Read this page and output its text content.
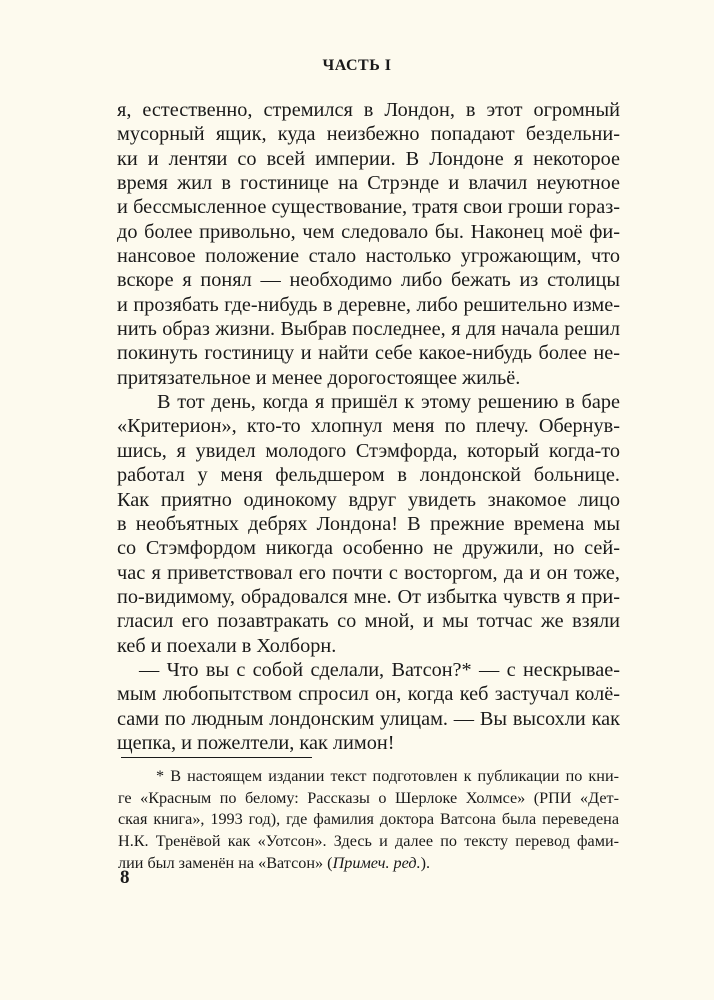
ЧАСТЬ I
я, естественно, стремился в Лондон, в этот огромный
мусорный ящик, куда неизбежно попадают бездельни-
ки и лентяи со всей империи. В Лондоне я некоторое
время жил в гостинице на Стрэнде и влачил неуютное
и бессмысленное существование, тратя свои гроши гораз-
до более привольно, чем следовало бы. Наконец моё фи-
нансовое положение стало настолько угрожающим, что
вскоре я понял — необходимо либо бежать из столицы
и прозябать где-нибудь в деревне, либо решительно изме-
нить образ жизни. Выбрав последнее, я для начала решил
покинуть гостиницу и найти себе какое-нибудь более не-
притязательное и менее дорогостоящее жильё.
В тот день, когда я пришёл к этому решению в баре
«Критерион», кто-то хлопнул меня по плечу. Обернув-
шись, я увидел молодого Стэмфорда, который когда-то
работал у меня фельдшером в лондонской больнице.
Как приятно одинокому вдруг увидеть знакомое лицо
в необъятных дебрях Лондона! В прежние времена мы
со Стэмфордом никогда особенно не дружили, но сей-
час я приветствовал его почти с восторгом, да и он тоже,
по-видимому, обрадовался мне. От избытка чувств я при-
гласил его позавтракать со мной, и мы тотчас же взяли
кеб и поехали в Холборн.
— Что вы с собой сделали, Ватсон?* — с нескрывае-
мым любопытством спросил он, когда кеб застучал колё-
сами по людным лондонским улицам. — Вы высохли как
щепка, и пожелтели, как лимон!
* В настоящем издании текст подготовлен к публикации по кни-
ге «Красным по белому: Рассказы о Шерлоке Холмсе» (РПИ «Дет-
ская книга», 1993 год), где фамилия доктора Ватсона была переведена
Н.К. Тренёвой как «Уотсон». Здесь и далее по тексту перевод фами-
лии был заменён на «Ватсон» (Примеч. ред.).
8
